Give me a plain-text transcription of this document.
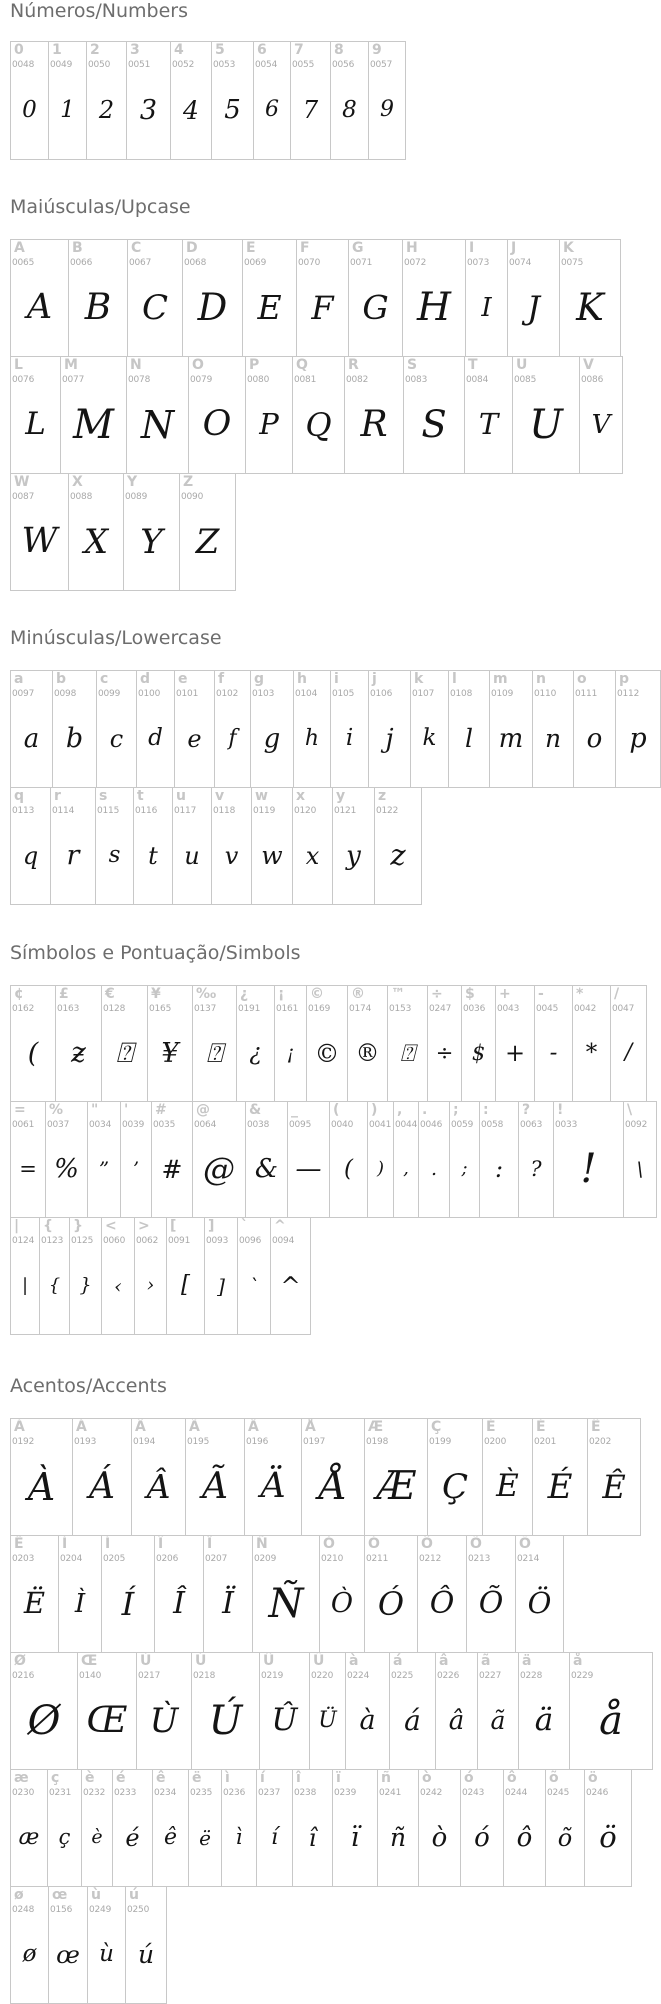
Números/Numbers
0
0048
0
1
0049
1
2
0050
2
3
0051
3
4
0052
4
5
0053
5
6
0054
6
7
0055
7
8
0056
8
9
0057
9
Maiúsculas/Upcase
A
0065
A
B
0066
B
C
0067
C
D
0068
D
E
0069
E
F
0070
F
G
0071
G
H
0072
H
I
0073
I
J
0074
J
K
0075
K
L
0076
L
M
0077
M
N
0078
N
O
0079
O
P
0080
P
Q
0081
Q
R
0082
R
S
0083
S
T
0084
T
U
0085
U
V
0086
V
W
0087
W
X
0088
X
Y
0089
Y
Z
0090
Z
Minúsculas/Lowercase
a
0097
a
b
0098
b
c
0099
c
d
0100
d
e
0101
e
f
0102
f
g
0103
g
h
0104
h
i
0105
i
j
0106
j
k
0107
k
l
0108
l
m
0109
m
n
0110
n
o
0111
o
p
0112
p
q
0113
q
r
0114
r
s
0115
s
t
0116
t
u
0117
u
v
0118
v
w
0119
w
x
0120
x
y
0121
y
z
0122
z
Símbolos e Pontuação/Simbols
¢
0162
(
£
0163
ƶ
€
0128
⍰
¥
0165
¥
‰
0137
⍰
¿
0191
¿
¡
0161
¡
©
0169
©
®
0174
®
™
0153
⍰
÷
0247
÷
$
0036
$
+
0043
+
-
0045
-
*
0042
*
/
0047
/
=
0061
=
%
0037
%
"
0034
”
'
0039
’
#
0035
#
@
0064
@
&
0038
&
_
0095
—
(
0040
(
)
0041
)
,
0044
,
.
0046
.
;
0059
;
:
0058
:
?
0063
?
!
0033
!
\
0092
\
|
0124
|
{
0123
{
}
0125
}
<
0060
‹
>
0062
›
[
0091
[
]
0093
]
`
0096
`
^
0094
^
Acentos/Accents
À
0192
À
Á
0193
Á
Â
0194
Â
Ã
0195
Ã
Ä
0196
Ä
Å
0197
Å
Æ
0198
Æ
Ç
0199
Ç
È
0200
È
É
0201
É
Ê
0202
Ê
Ë
0203
Ë
Ì
0204
Ì
Í
0205
Í
Î
0206
Î
Ï
0207
Ï
Ñ
0209
Ñ
Ò
0210
Ò
Ó
0211
Ó
Ô
0212
Ô
Õ
0213
Õ
Ö
0214
Ö
Ø
0216
Ø
Œ
0140
Œ
Ù
0217
Ù
Ú
0218
Ú
Û
0219
Û
Ü
0220
Ü
à
0224
à
á
0225
á
â
0226
â
ã
0227
ã
ä
0228
ä
å
0229
å
æ
0230
æ
ç
0231
ç
è
0232
è
é
0233
é
ê
0234
ê
ë
0235
ë
ì
0236
ì
í
0237
í
î
0238
î
ï
0239
ï
ñ
0241
ñ
ò
0242
ò
ó
0243
ó
ô
0244
ô
õ
0245
õ
ö
0246
ö
ø
0248
ø
œ
0156
œ
ù
0249
ù
ú
0250
ú
